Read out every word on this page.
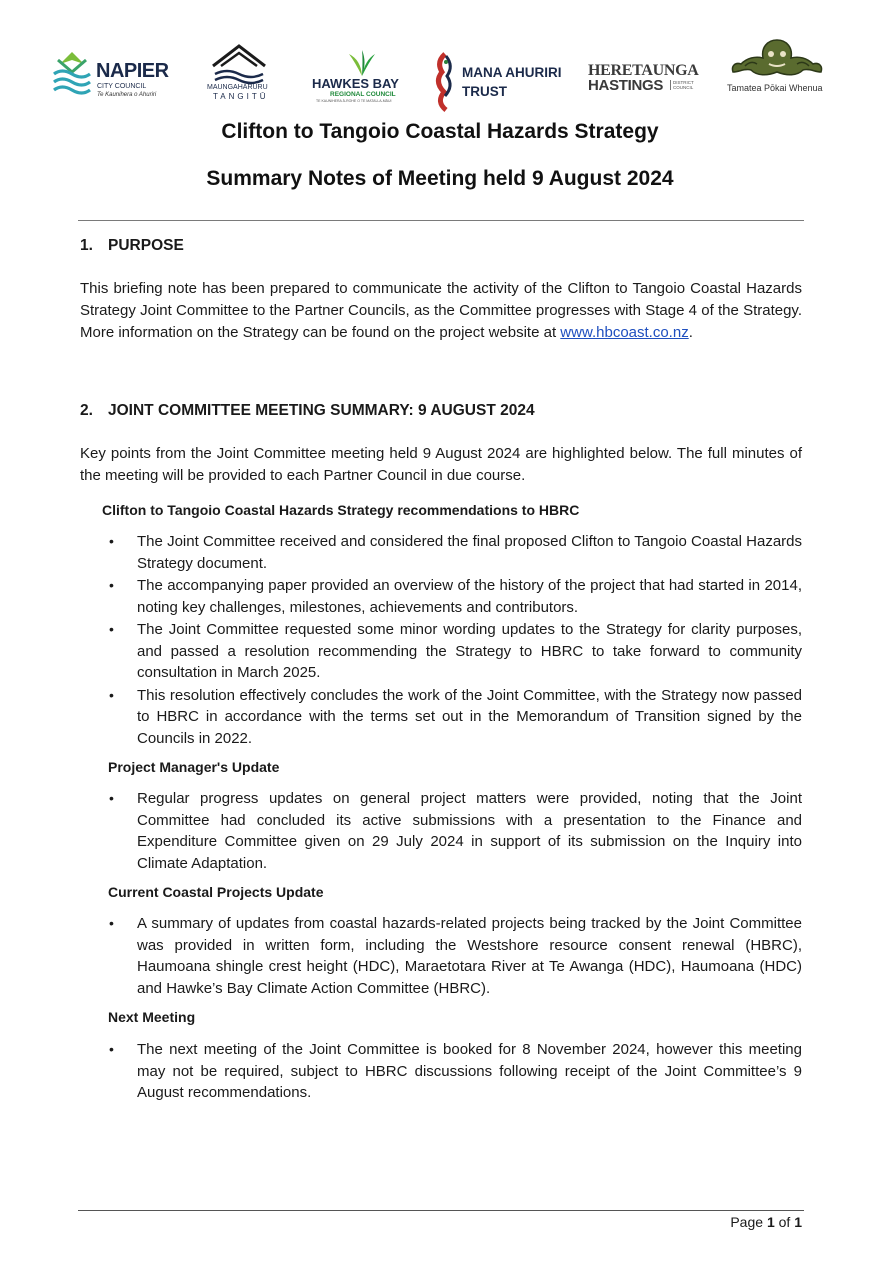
NAPIER
CITY COUNCIL
Te Kaunihera o Ahuriri
MAUNGAHARURU
TANGITŪ
HAWKES BAY
REGIONAL COUNCIL
TE KAUNIHERA Ā-ROHE O TE MATAU-A-MĀUI
MANA AHURIRI
TRUST
HERETAUNGA
HASTINGS	DISTRICT COUNCIL	Tamatea Pōkai Whenua
Clifton to Tangoio Coastal Hazards Strategy
Summary Notes of Meeting held 9 August 2024
1. PURPOSE
This briefing note has been prepared to communicate the activity of the Clifton to Tangoio Coastal Hazards Strategy Joint Committee to the Partner Councils, as the Committee progresses with Stage 4 of the Strategy. More information on the Strategy can be found on the project website at www.hbcoast.co.nz.
2. JOINT COMMITTEE MEETING SUMMARY: 9 AUGUST 2024
Key points from the Joint Committee meeting held 9 August 2024 are highlighted below. The full minutes of the meeting will be provided to each Partner Council in due course.
Clifton to Tangoio Coastal Hazards Strategy recommendations to HBRC
• The Joint Committee received and considered the final proposed Clifton to Tangoio Coastal Hazards Strategy document.
• The accompanying paper provided an overview of the history of the project that had started in 2014, noting key challenges, milestones, achievements and contributors.
• The Joint Committee requested some minor wording updates to the Strategy for clarity purposes, and passed a resolution recommending the Strategy to HBRC to take forward to community consultation in March 2025.
• This resolution effectively concludes the work of the Joint Committee, with the Strategy now passed to HBRC in accordance with the terms set out in the Memorandum of Transition signed by the Councils in 2022.
Project Manager's Update
• Regular progress updates on general project matters were provided, noting that the Joint Committee had concluded its active submissions with a presentation to the Finance and Expenditure Committee given on 29 July 2024 in support of its submission on the Inquiry into Climate Adaptation.
Current Coastal Projects Update
• A summary of updates from coastal hazards-related projects being tracked by the Joint Committee was provided in written form, including the Westshore resource consent renewal (HBRC), Haumoana shingle crest height (HDC), Maraetotara River at Te Awanga (HDC), Haumoana (HDC) and Hawke’s Bay Climate Action Committee (HBRC).
Next Meeting
• The next meeting of the Joint Committee is booked for 8 November 2024, however this meeting may not be required, subject to HBRC discussions following receipt of the Joint Committee’s 9 August recommendations.
Page 1 of 1
